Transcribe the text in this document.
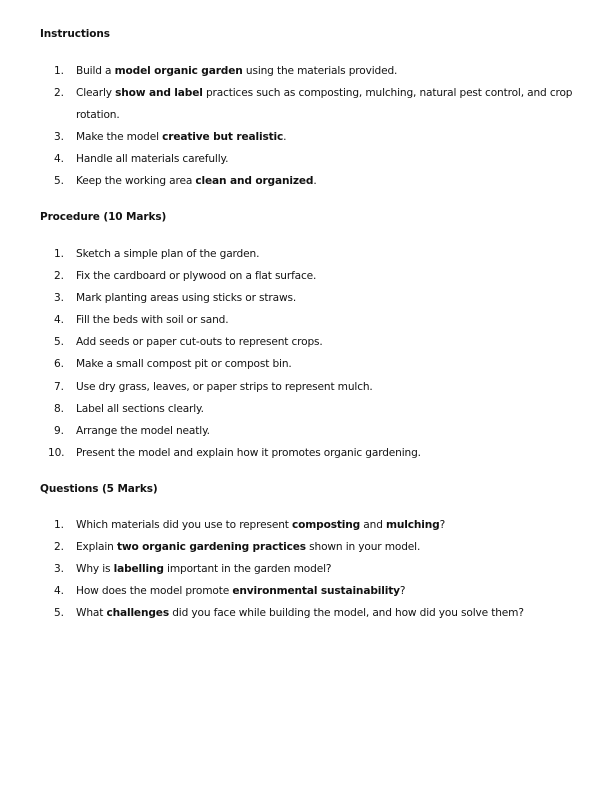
Instructions
1.	Build a model organic garden using the materials provided.
2.	Clearly show and label practices such as composting, mulching, natural pest control, and crop rotation.
3.	Make the model creative but realistic.
4.	Handle all materials carefully.
5.	Keep the working area clean and organized.
Procedure (10 Marks)
1.	Sketch a simple plan of the garden.
2.	Fix the cardboard or plywood on a flat surface.
3.	Mark planting areas using sticks or straws.
4.	Fill the beds with soil or sand.
5.	Add seeds or paper cut-outs to represent crops.
6.	Make a small compost pit or compost bin.
7.	Use dry grass, leaves, or paper strips to represent mulch.
8.	Label all sections clearly.
9.	Arrange the model neatly.
10. Present the model and explain how it promotes organic gardening.
Questions (5 Marks)
1.	Which materials did you use to represent composting and mulching?
2.	Explain two organic gardening practices shown in your model.
3.	Why is labelling important in the garden model?
4.	How does the model promote environmental sustainability?
5.	What challenges did you face while building the model, and how did you solve them?
